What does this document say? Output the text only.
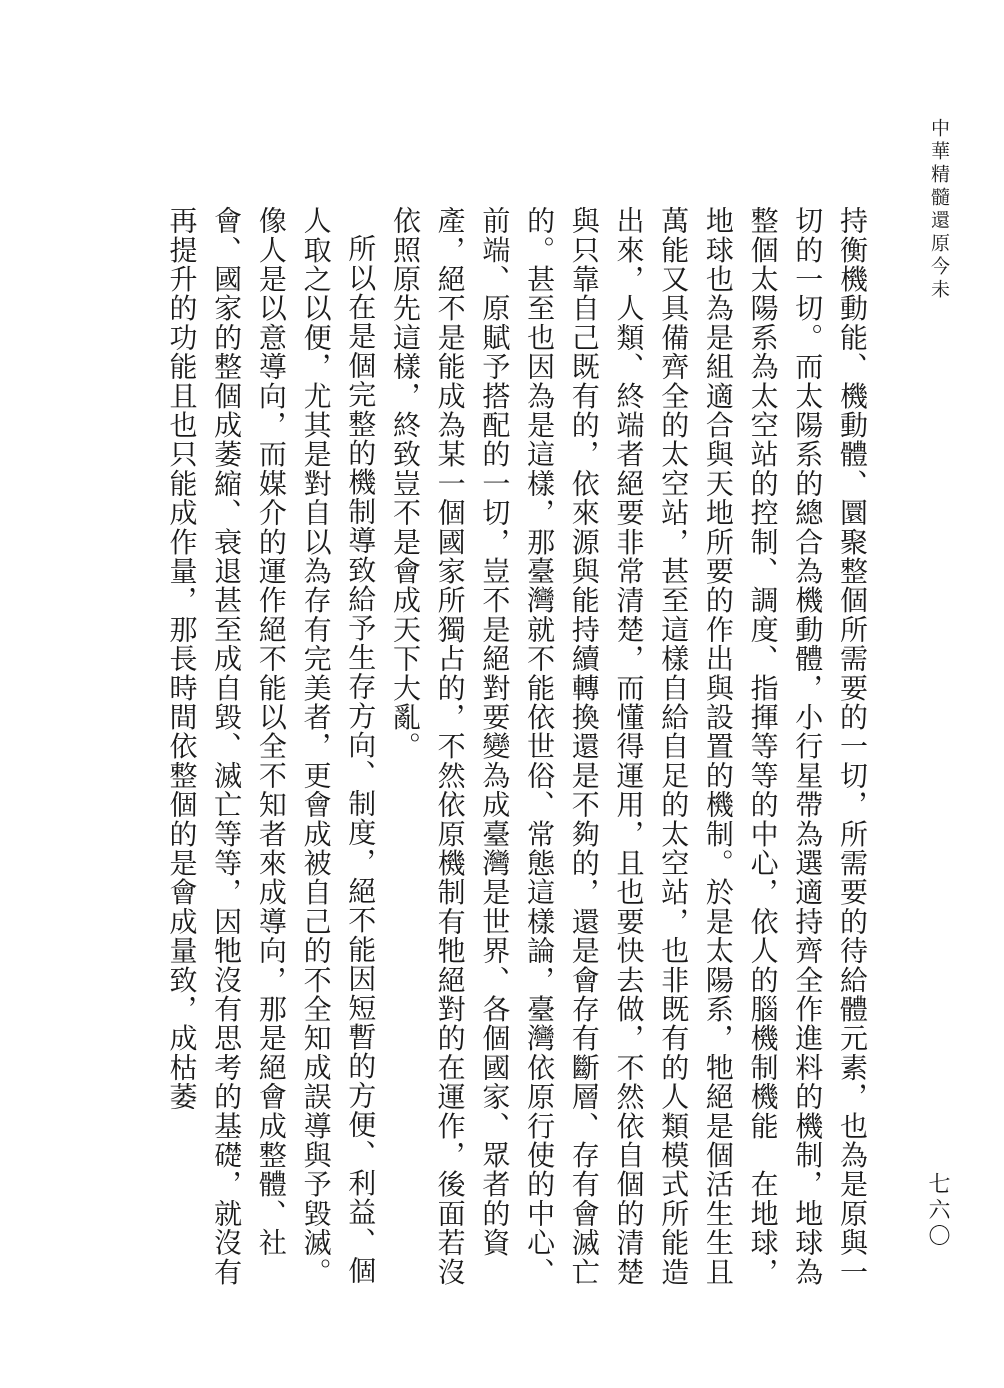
中華精髓還原今未

持衡機動能、機動體、圜聚整個所需要的一切，所需要的待給體元素，也為是原與一切的一切。而太陽系的總合為機動體，小行星帶為選適持齊全作進料的機制，地球為整個太陽系為太空站的控制、調度、指揮等等的中心，依人的腦機制機能　在地球，地球也為是組適合與天地所要的作出與設置的機制。於是太陽系，牠絕是個活生生且萬能又具備齊全的太空站，甚至這樣自給自足的太空站，也非既有的人類模式所能造出來，人類、終端者絕要非常清楚，而懂得運用，且也要快去做，不然依自個的清楚與只靠自己既有的，依來源與能持續轉換還是不夠的，還是會存有斷層、存有會滅亡的。甚至也因為是這樣，那臺灣就不能依世俗、常態這樣論，臺灣依原行使的中心、前端、原賦予搭配的一切，豈不是絕對要變為成臺灣是世界、各個國家、眾者的資產，絕不是能成為某一個國家所獨占的，不然依原機制有牠絕對的在運作，後面若沒依照原先這樣，終致豈不是會成天下大亂。

所以在是個完整的機制導致給予生存方向、制度，絕不能因短暫的方便、利益、個人取之以便，尤其是對自以為存有完美者，更會成被自己的不全知成誤導與予毀滅。像人是以意導向，而媒介的運作絕不能以全不知者來成導向，那是絕會成整體、社會、國家的整個成萎縮、衰退甚至成自毀、滅亡等等，因牠沒有思考的基礎，就沒有再提升的功能且也只能成作量，那長時間依整個的是會成量致，成枯萎

七六〇
